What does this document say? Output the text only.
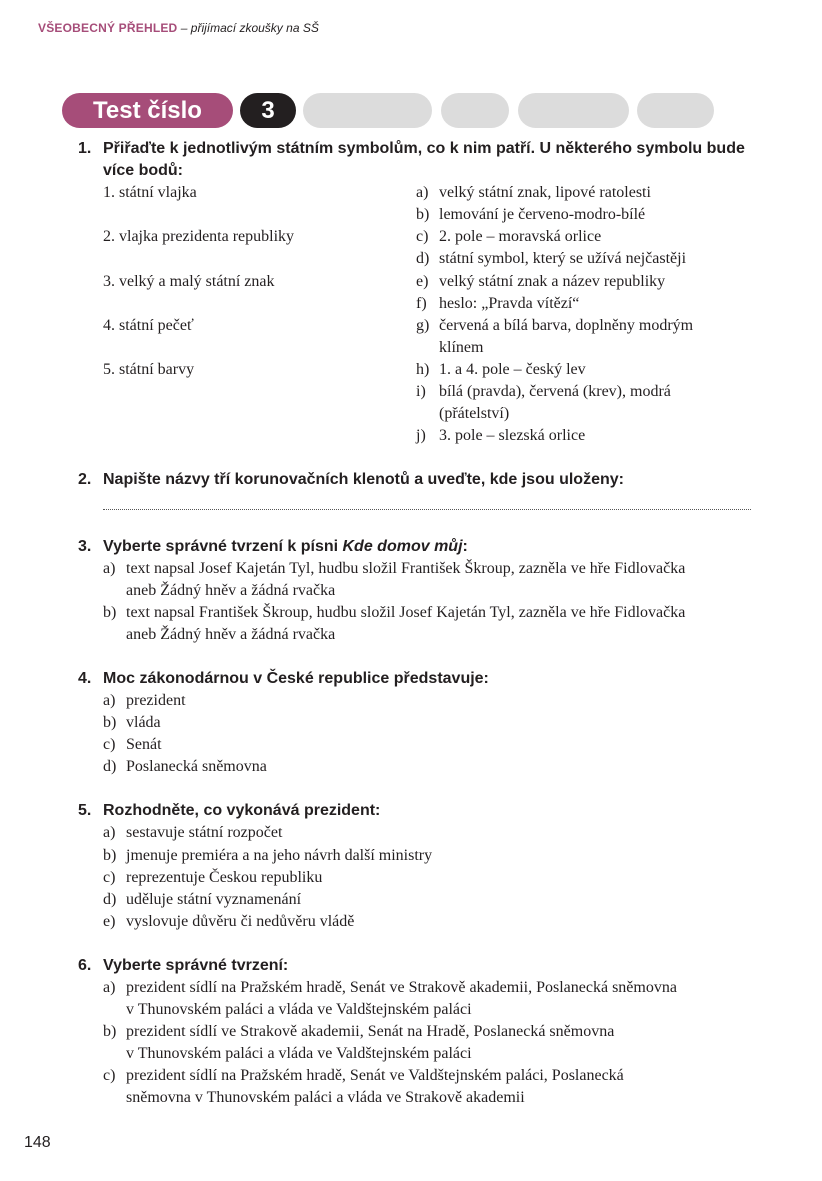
VŠEOBECNÝ PŘEHLED – přijímací zkoušky na SŠ
Test číslo	3
1. Přiřaďte k jednotlivým státním symbolům, co k nim patří. U některého symbolu bude více bodů:
1. státní vlajka
2. vlajka prezidenta republiky
3. velký a malý státní znak
4. státní pečeť
5. státní barvy
a) velký státní znak, lipové ratolesti
b) lemování je červeno-modro-bílé
c) 2. pole – moravská orlice
d) státní symbol, který se užívá nejčastěji
e) velký státní znak a název republiky
f) heslo: „Pravda vítězí“
g) červená a bílá barva, doplněny modrým
klínem
h) 1. a 4. pole – český lev
i) bílá (pravda), červená (krev), modrá
(přátelství)
j) 3. pole – slezská orlice
2. Napište názvy tří korunovačních klenotů a uveďte, kde jsou uloženy:
3. Vyberte správné tvrzení k písni Kde domov můj:
a) text napsal Josef Kajetán Tyl, hudbu složil František Škroup, zazněla ve hře Fidlovačka
aneb Žádný hněv a žádná rvačka
b) text napsal František Škroup, hudbu složil Josef Kajetán Tyl, zazněla ve hře Fidlovačka
aneb Žádný hněv a žádná rvačka
4. Moc zákonodárnou v České republice představuje:
a) prezident
b) vláda
c) Senát
d) Poslanecká sněmovna
5. Rozhodněte, co vykonává prezident:
a) sestavuje státní rozpočet
b) jmenuje premiéra a na jeho návrh další ministry
c) reprezentuje Českou republiku
d) uděluje státní vyznamenání
e) vyslovuje důvěru či nedůvěru vládě
6. Vyberte správné tvrzení:
a) prezident sídlí na Pražském hradě, Senát ve Strakově akademii, Poslanecká sněmovna
v Thunovském paláci a vláda ve Valdštejnském paláci
b) prezident sídlí ve Strakově akademii, Senát na Hradě, Poslanecká sněmovna
v Thunovském paláci a vláda ve Valdštejnském paláci
c) prezident sídlí na Pražském hradě, Senát ve Valdštejnském paláci, Poslanecká
sněmovna v Thunovském paláci a vláda ve Strakově akademii
148
